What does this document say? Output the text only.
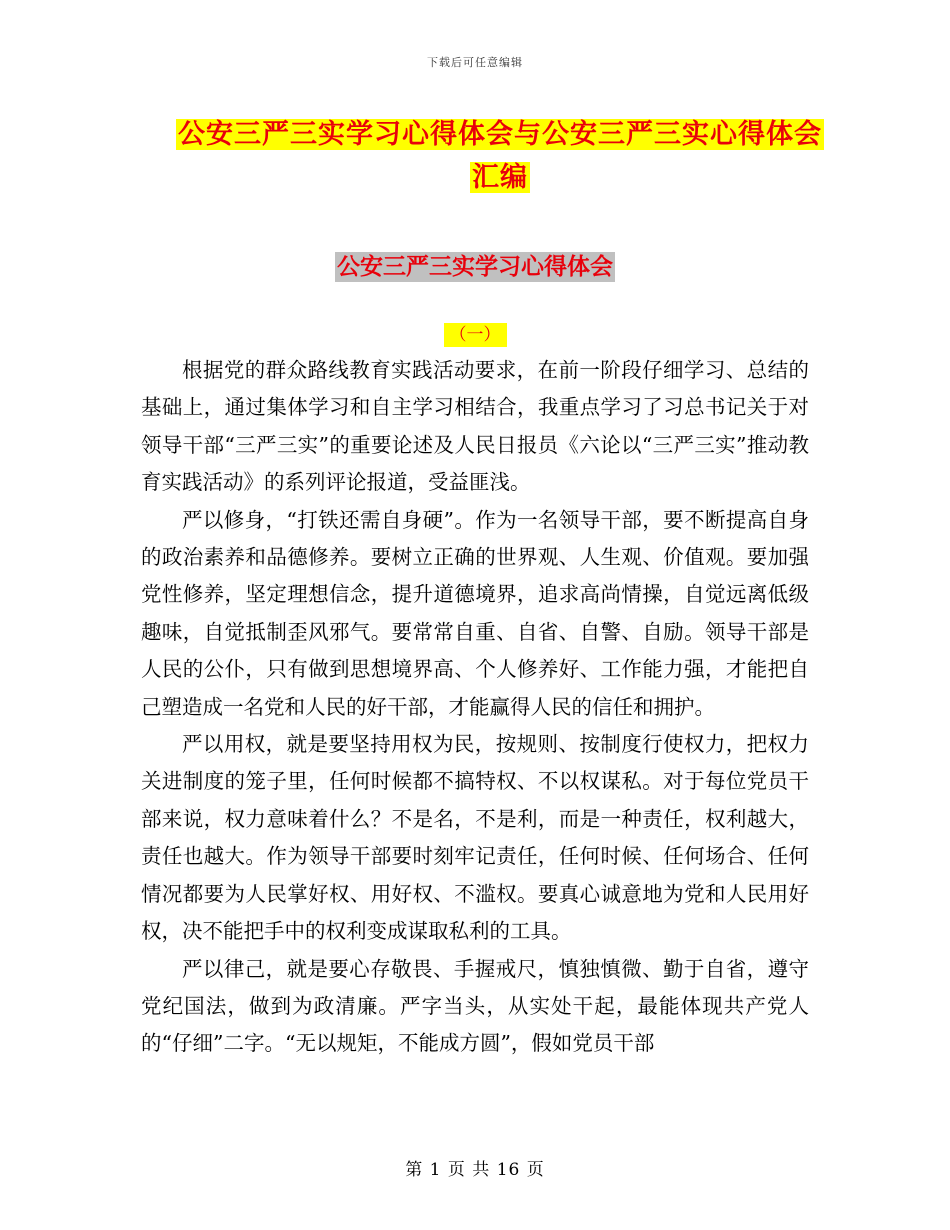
下载后可任意编辑
公安三严三实学习心得体会与公安三严三实心得体会
汇编
公安三严三实学习心得体会
（一）

根据党的群众路线教育实践活动要求，在前一阶段仔细学习、总结的基础上，通过集体学习和自主学习相结合，我重点学习了习总书记关于对领导干部“三严三实”的重要论述及人民日报员《六论以“三严三实”推动教育实践活动》的系列评论报道，受益匪浅。

严以修身，“打铁还需自身硬”。作为一名领导干部，要不断提高自身的政治素养和品德修养。要树立正确的世界观、人生观、价值观。要加强党性修养，坚定理想信念，提升道德境界，追求高尚情操，自觉远离低级趣味，自觉抵制歪风邪气。要常常自重、自省、自警、自励。领导干部是人民的公仆，只有做到思想境界高、个人修养好、工作能力强，才能把自己塑造成一名党和人民的好干部，才能赢得人民的信任和拥护。

严以用权，就是要坚持用权为民，按规则、按制度行使权力，把权力关进制度的笼子里，任何时候都不搞特权、不以权谋私。对于每位党员干部来说，权力意味着什么？不是名，不是利，而是一种责任，权利越大，责任也越大。作为领导干部要时刻牢记责任，任何时候、任何场合、任何情况都要为人民掌好权、用好权、不滥权。要真心诚意地为党和人民用好权，决不能把手中的权利变成谋取私利的工具。

严以律己，就是要心存敬畏、手握戒尺，慎独慎微、勤于自省，遵守党纪国法，做到为政清廉。严字当头，从实处干起，最能体现共产党人的“仔细”二字。“无以规矩，不能成方圆”，假如党员干部

第 1 页 共 16 页
